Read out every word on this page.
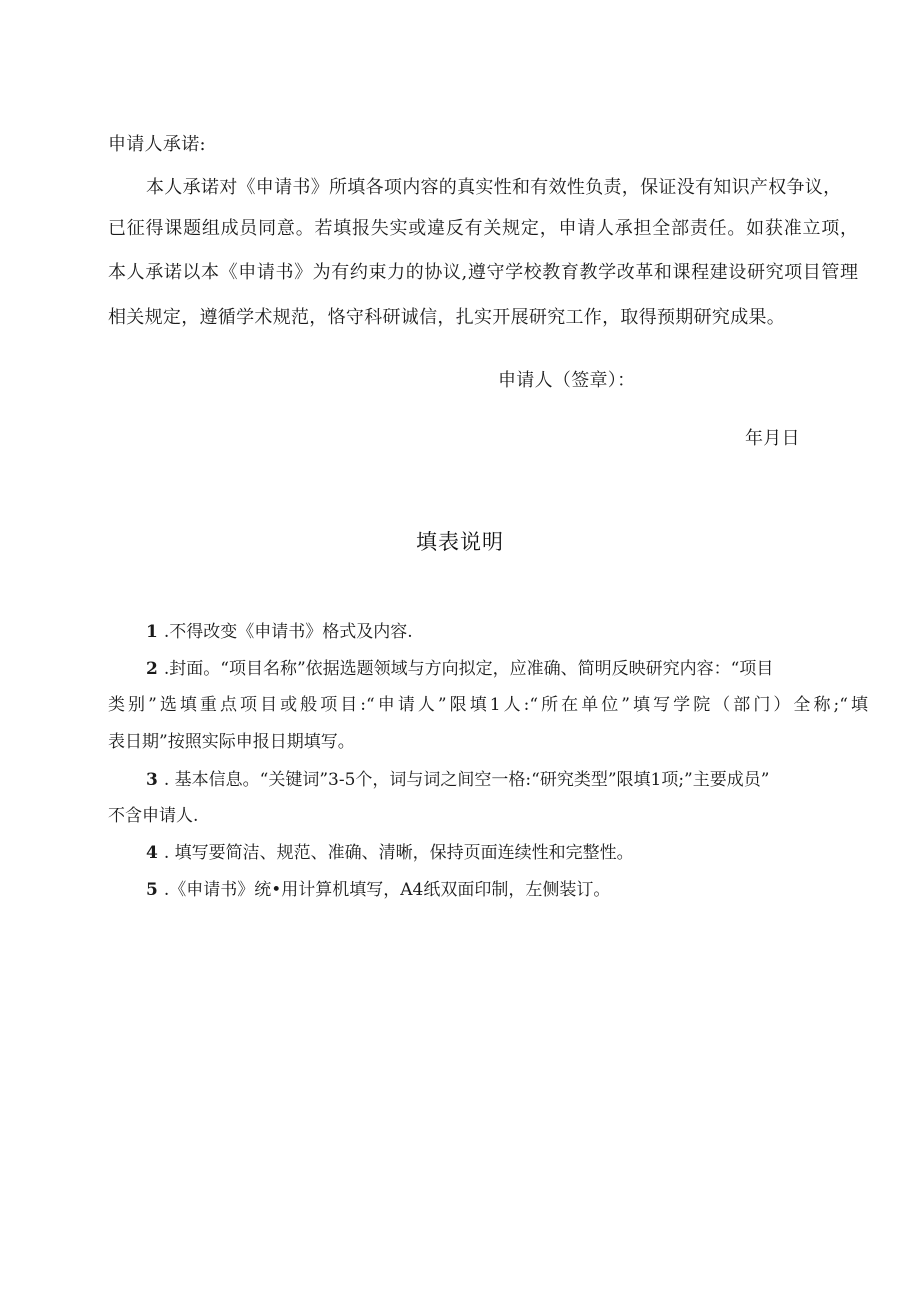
申请人承诺:
本人承诺对《申请书》所填各项内容的真实性和有效性负责，保证没有知识产权争议，
已征得课题组成员同意。若填报失实或違反有关规定，申请人承担全部责任。如获准立项，
本人承诺以本《申请书》为有约束力的协议,遵守学校教育教学改革和课程建设研究项目管理
相关规定，遵循学术规范，恪守科研诚信，扎实开展研究工作，取得预期研究成果。
申请人（签章）：
年月日
填表说明
1 .不得改变《申请书》格式及内容.
2 .封面。“项目名称”依据选题领域与方向拟定，应准确、简明反映研究内容：“项目
类别”选填重点项目或般项目:“申请人”限填1人:“所在单位”填写学院（部门）全称;“填
表日期”按照实际申报日期填写。
3 . 基本信息。“关键词”3-5个，词与词之间空一格:“研究类型”限填1项;”主要成员”
不含申请人.
4 . 填写要简洁、规范、准确、清晰，保持页面连续性和完整性。
5 .《申请书》统•用计算机填写，A4纸双面印制，左侧装订。
